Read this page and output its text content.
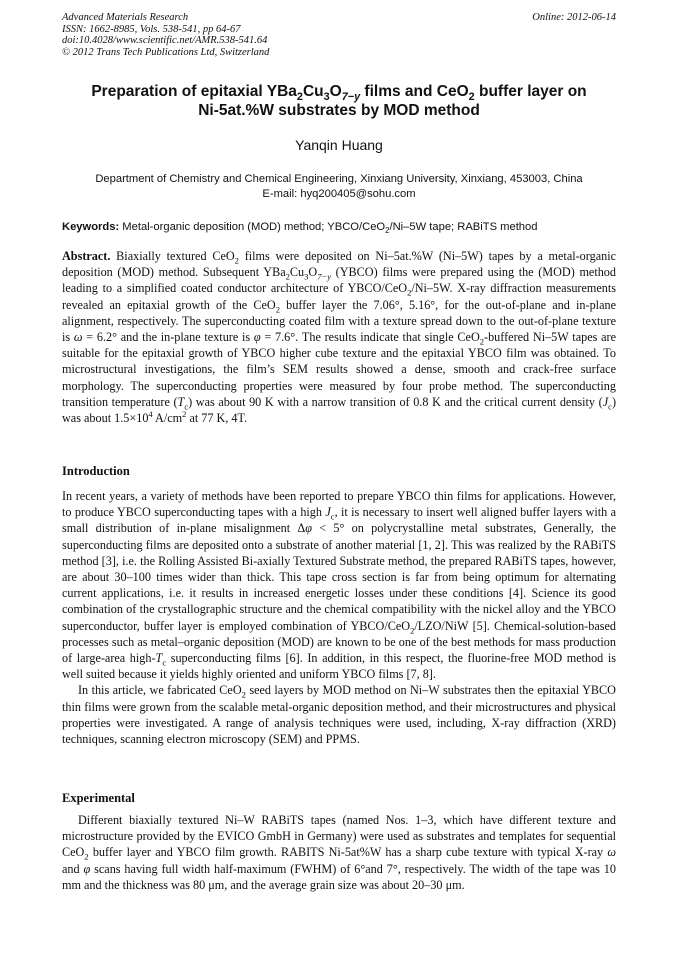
Advanced Materials Research
ISSN: 1662-8985, Vols. 538-541, pp 64-67
doi:10.4028/www.scientific.net/AMR.538-541.64
© 2012 Trans Tech Publications Ltd, Switzerland
Online: 2012-06-14
Preparation of epitaxial $YBa_2Cu_3O_{7-y}$ films and CeO$_2$ buffer layer on
Ni-5at.%W substrates by MOD method
Yanqin Huang
Department of Chemistry and Chemical Engineering, Xinxiang University, Xinxiang, 453003, China
E-mail: hyq200405@sohu.com
Keywords: Metal-organic deposition (MOD) method; YBCO/CeO$_2$/Ni–5W tape; RABiTS method
Abstract. Biaxially textured CeO$_2$ films were deposited on Ni–5at.%W (Ni–5W) tapes by a metal-organic deposition (MOD) method. Subsequent $YBa_2Cu_3O_{7-y}$ (YBCO) films were prepared using the (MOD) method leading to a simplified coated conductor architecture of YBCO/CeO$_2$/Ni–5W. X-ray diffraction measurements revealed an epitaxial growth of the CeO$_2$ buffer layer the 7.06°, 5.16°, for the out-of-plane and in-plane alignment, respectively. The superconducting coated film with a texture spread down to the out-of-plane texture is ω = 6.2° and the in-plane texture is φ = 7.6°. The results indicate that single CeO$_2$-buffered Ni–5W tapes are suitable for the epitaxial growth of YBCO higher cube texture and the epitaxial YBCO film was obtained. To microstructural investigations, the film’s SEM results showed a dense, smooth and crack-free surface morphology. The superconducting properties were measured by four probe method. The superconducting transition temperature $(T_c)$ was about 90 K with a narrow transition of 0.8 K and the critical current density $(J_c)$ was about $1.5\times 10^4$ $A/cm^2$ at 77 K, 4T.
Introduction

In recent years, a variety of methods have been reported to prepare YBCO thin films for applications. However, to produce YBCO superconducting tapes with a high $J_c$, it is necessary to insert well aligned buffer layers with a small distribution of in-plane misalignment Δφ < 5° on polycrystalline metal substrates, Generally, the superconducting films are deposited onto a substrate of another material [1, 2]. This was realized by the RABiTS method [3], i.e. the Rolling Assisted Bi-axially Textured Substrate method, the prepared RABiTS tapes, however, are about 30–100 times wider than thick. This tape cross section is far from being optimum for alternating current applications, i.e. it results in increased energetic losses under these conditions [4]. Science its good combination of the crystallographic structure and the chemical compatibility with the nickel alloy and the YBCO superconductor, buffer layer is employed combination of YBCO/CeO$_2$/LZO/NiW [5]. Chemical-solution-based processes such as metal–organic deposition (MOD) are known to be one of the best methods for mass production of large-area high-$T_c$ superconducting films [6]. In addition, in this respect, the fluorine-free MOD method is well suited because it yields highly oriented and uniform YBCO films [7, 8].

In this article, we fabricated CeO$_2$ seed layers by MOD method on Ni–W substrates then the epitaxial YBCO thin films were grown from the scalable metal-organic deposition method, and their microstructures and physical properties were investigated. A range of analysis techniques were used, including, X-ray diffraction (XRD) techniques, scanning electron microscopy (SEM) and PPMS.

Experimental

Different biaxially textured Ni–W RABiTS tapes (named Nos. 1–3, which have different texture and microstructure provided by the EVICO GmbH in Germany) were used as substrates and templates for sequential CeO$_2$ buffer layer and YBCO film growth. RABITS Ni-5at%W has a sharp cube texture with typical X-ray ω and φ scans having full width half-maximum (FWHM) of 6°and 7°, respectively. The width of the tape was 10 mm and the thickness was 80 μm, and the average grain size was about 20–30 μm.
